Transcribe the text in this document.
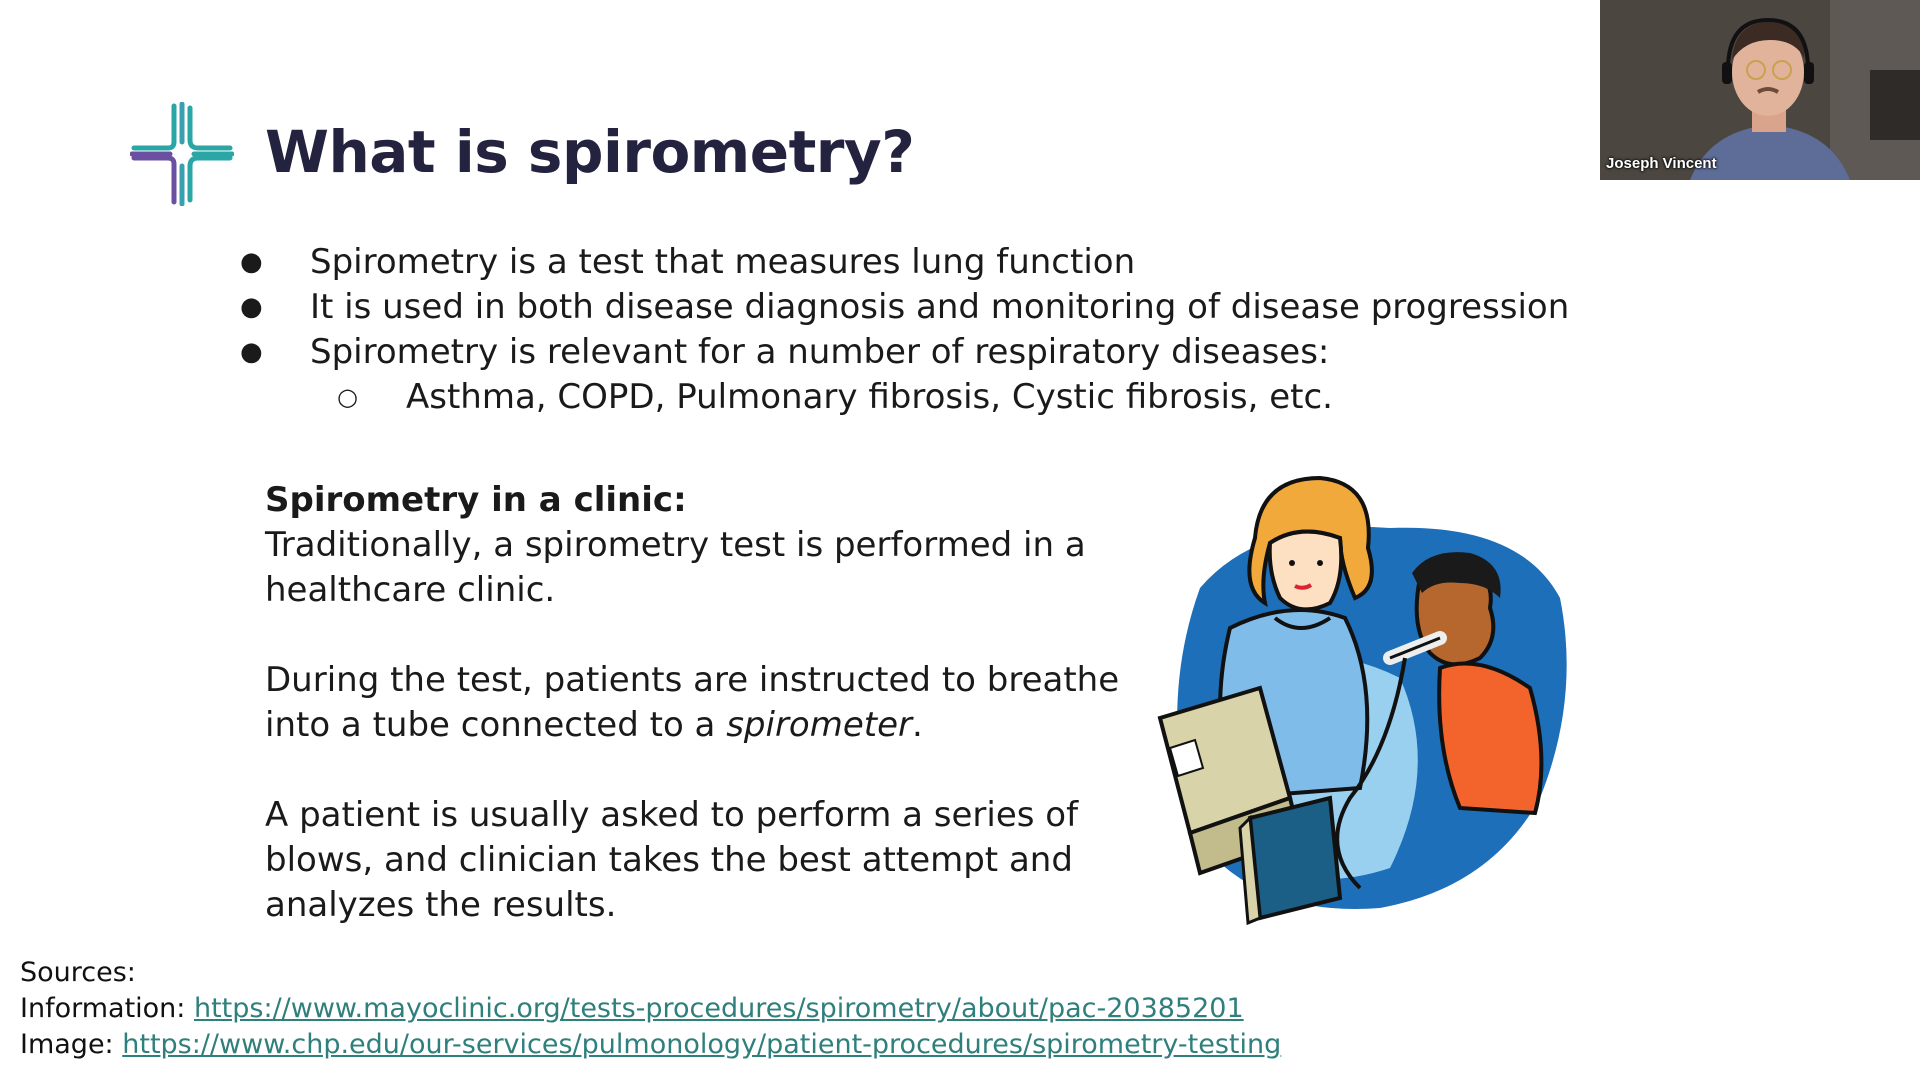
What is spirometry?
● Spirometry is a test that measures lung function
● It is used in both disease diagnosis and monitoring of disease progression
● Spirometry is relevant for a number of respiratory diseases:
○ Asthma, COPD, Pulmonary fibrosis, Cystic fibrosis, etc.
Spirometry in a clinic:
Traditionally, a spirometry test is performed in a
healthcare clinic.
During the test, patients are instructed to breathe
into a tube connected to a spirometer.
A patient is usually asked to perform a series of
blows, and clinician takes the best attempt and
analyzes the results.
Sources:
Information: https://www.mayoclinic.org/tests-procedures/spirometry/about/pac-20385201
Image: https://www.chp.edu/our-services/pulmonology/patient-procedures/spirometry-testing
Joseph Vincent
